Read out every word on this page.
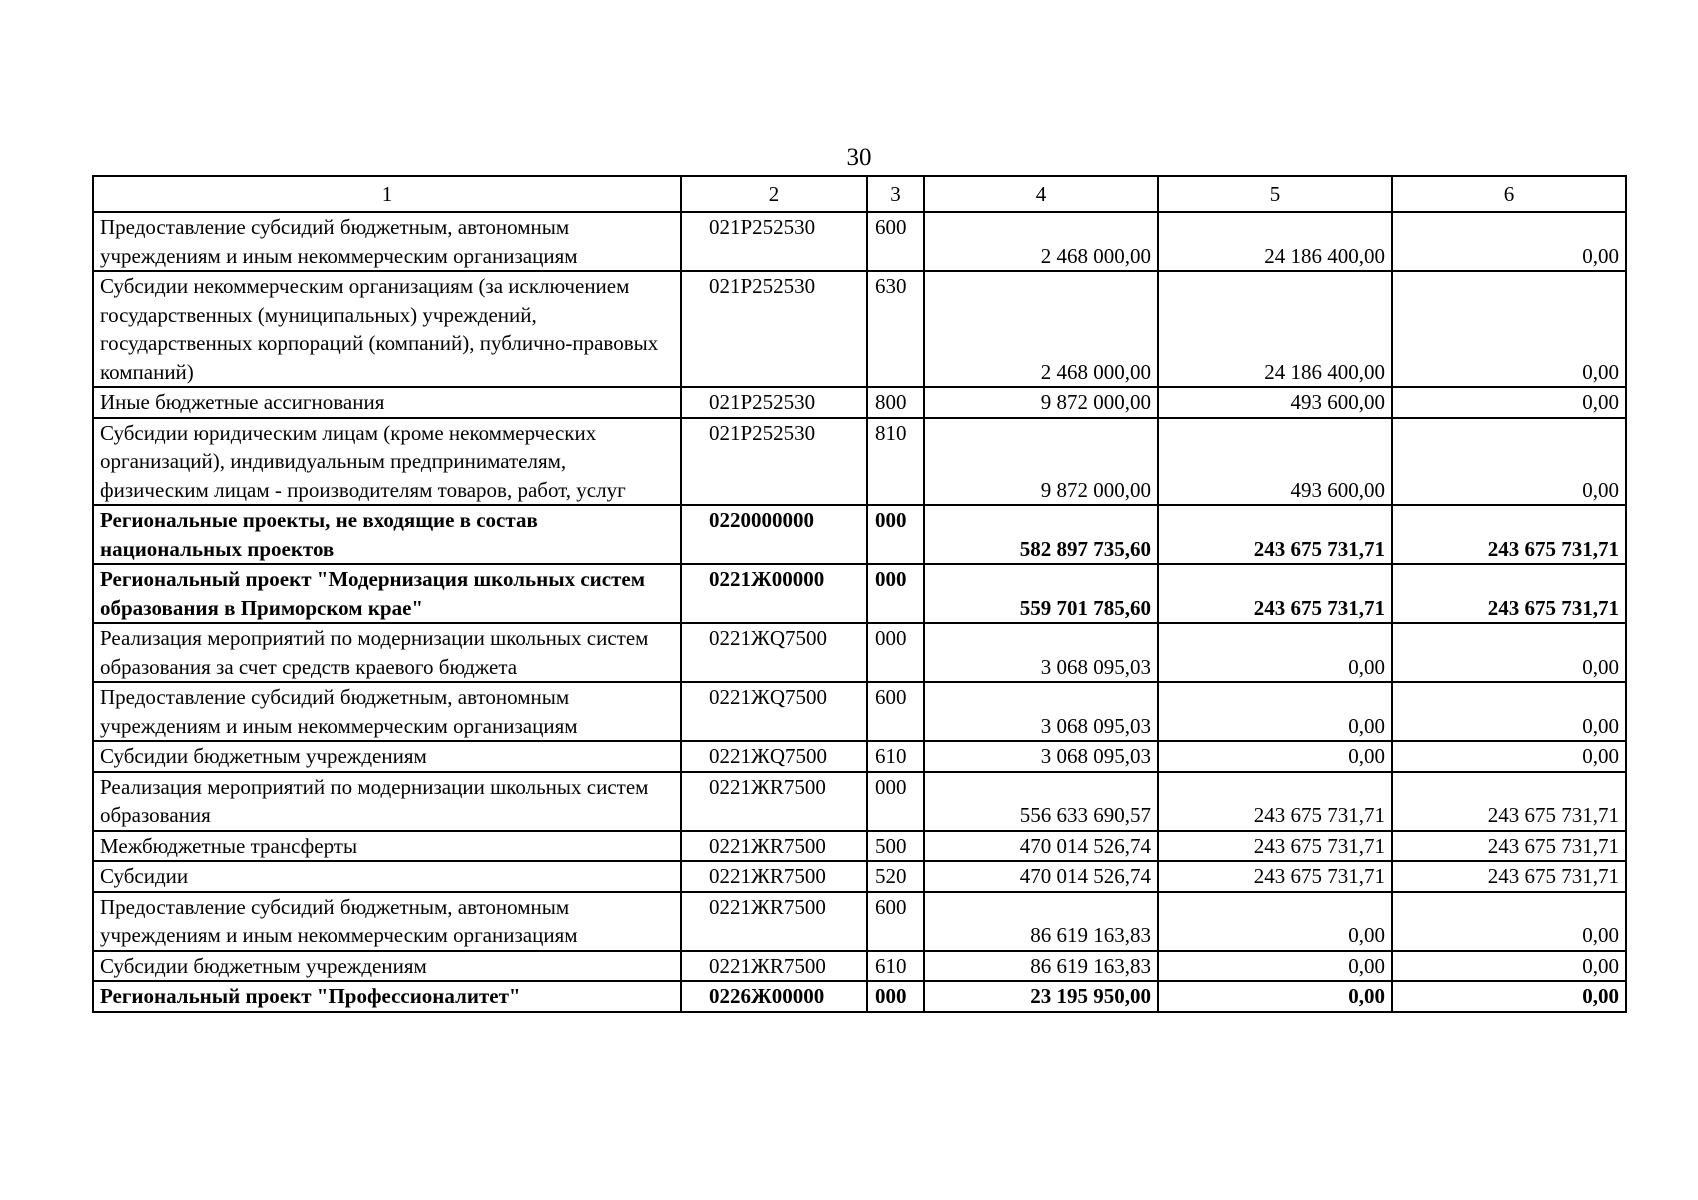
30
1	2	3	4	5	6
Предоставление субсидий бюджетным, автономным учреждениям и иным некоммерческим организациям	021P252530	600	2 468 000,00	24 186 400,00	0,00
Субсидии некоммерческим организациям (за исключением государственных (муниципальных) учреждений, государственных корпораций (компаний), публично-правовых компаний)	021P252530	630	2 468 000,00	24 186 400,00	0,00
Иные бюджетные ассигнования	021P252530	800	9 872 000,00	493 600,00	0,00
Субсидии юридическим лицам (кроме некоммерческих организаций), индивидуальным предпринимателям, физическим лицам - производителям товаров, работ, услуг	021P252530	810	9 872 000,00	493 600,00	0,00
Региональные проекты, не входящие в состав национальных проектов	0220000000	000	582 897 735,60	243 675 731,71	243 675 731,71
Региональный проект "Модернизация школьных систем образования в Приморском крае"	0221Ж00000	000	559 701 785,60	243 675 731,71	243 675 731,71
Реализация мероприятий по модернизации школьных систем образования за счет средств краевого бюджета	0221ЖQ7500	000	3 068 095,03	0,00	0,00
Предоставление субсидий бюджетным, автономным учреждениям и иным некоммерческим организациям	0221ЖQ7500	600	3 068 095,03	0,00	0,00
Субсидии бюджетным учреждениям	0221ЖQ7500	610	3 068 095,03	0,00	0,00
Реализация мероприятий по модернизации школьных систем образования	0221ЖR7500	000	556 633 690,57	243 675 731,71	243 675 731,71
Межбюджетные трансферты	0221ЖR7500	500	470 014 526,74	243 675 731,71	243 675 731,71
Субсидии	0221ЖR7500	520	470 014 526,74	243 675 731,71	243 675 731,71
Предоставление субсидий бюджетным, автономным учреждениям и иным некоммерческим организациям	0221ЖR7500	600	86 619 163,83	0,00	0,00
Субсидии бюджетным учреждениям	0221ЖR7500	610	86 619 163,83	0,00	0,00
Региональный проект "Профессионалитет"	0226Ж00000	000	23 195 950,00	0,00	0,00
